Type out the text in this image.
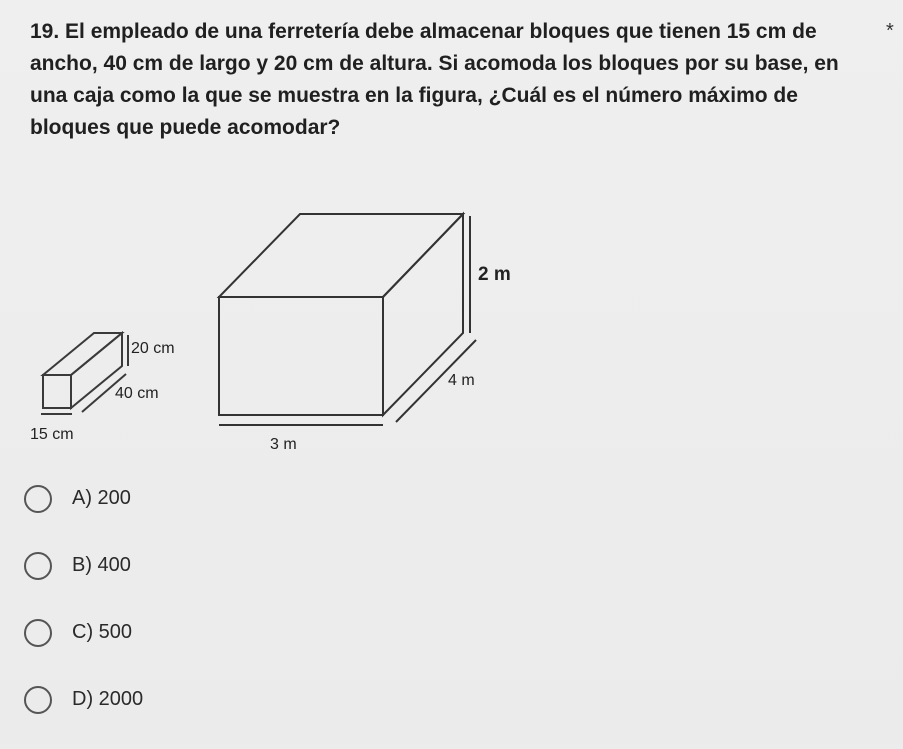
19. El empleado de una ferretería debe almacenar bloques que tienen 15 cm de ancho, 40 cm de largo y 20 cm de altura. Si acomoda los bloques por su base, en una caja como la que se muestra en la figura, ¿Cuál es el número máximo de bloques que puede acomodar?

*
20 cm
40 cm
15 cm
2 m
4 m
3 m
A) 200
B) 400
C) 500
D) 2000
